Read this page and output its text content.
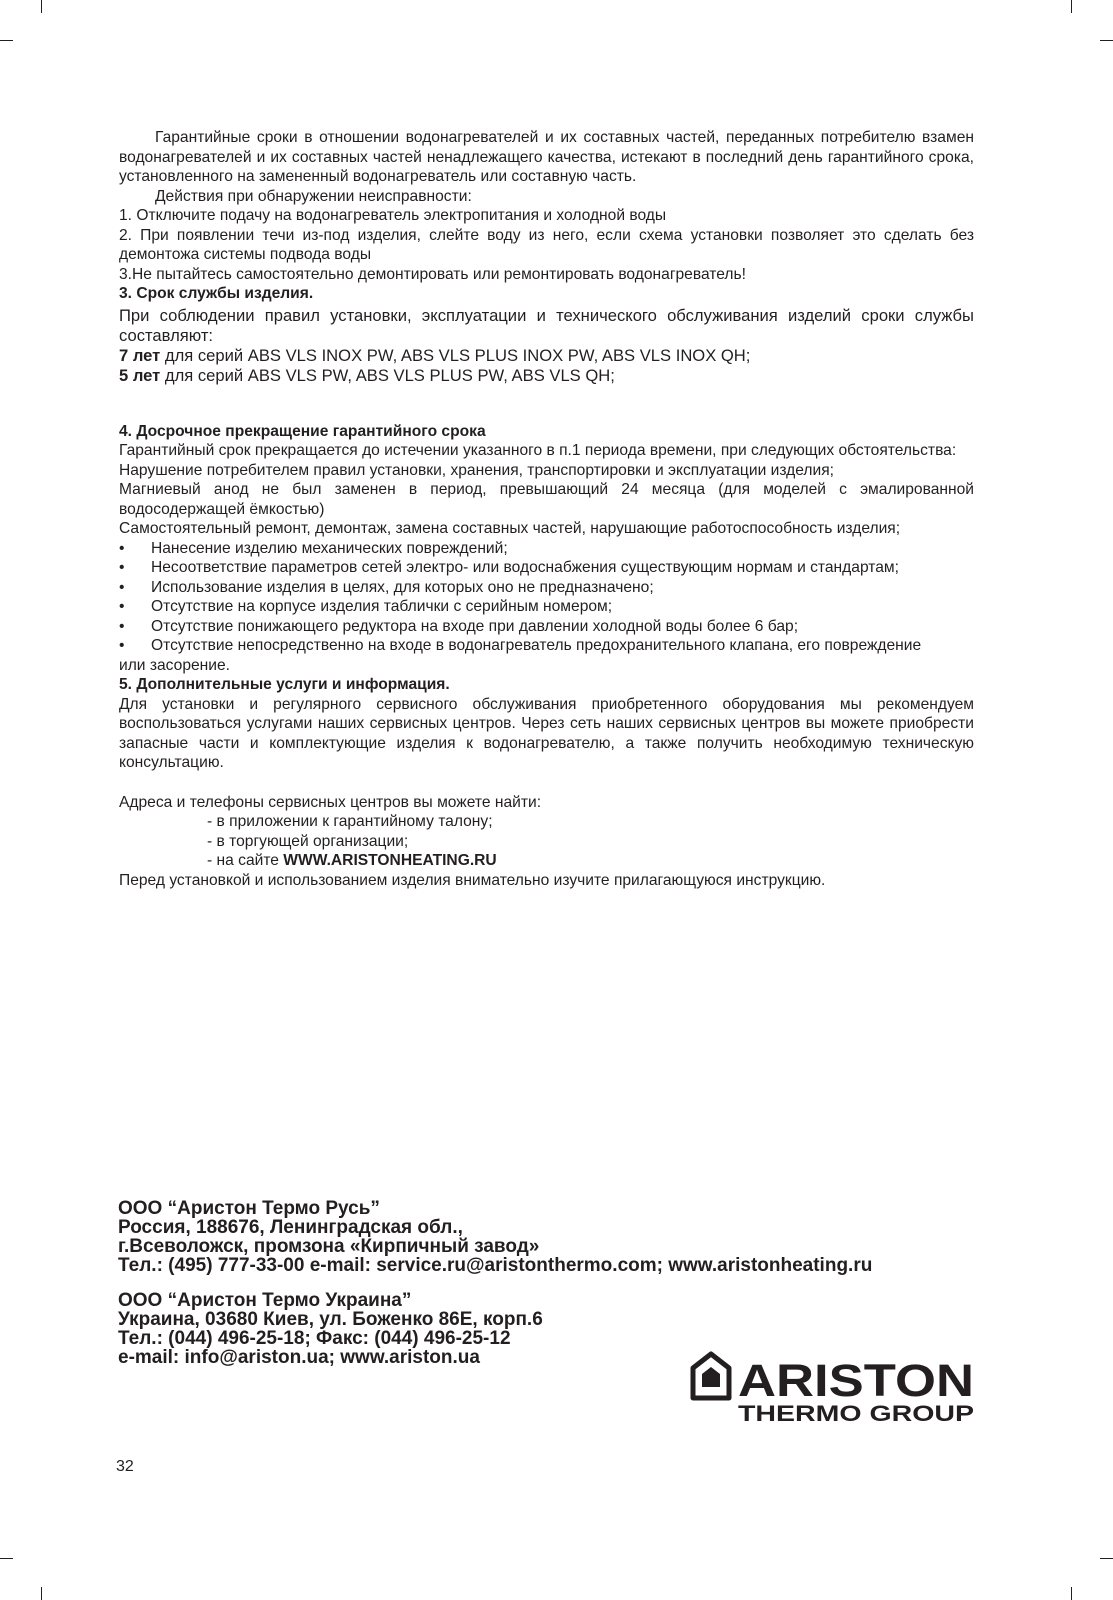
Гарантийные сроки в отношении водонагревателей и их составных частей, переданных потребителю взамен водонагревателей и их составных частей ненадлежащего качества, истекают в последний день гарантийного срока, установленного на замененный водонагреватель или составную часть.

Действия при обнаружении неисправности:

1. Отключите подачу на водонагреватель электропитания и холодной воды

2. При появлении течи из-под изделия, слейте воду из него, если схема установки позволяет это сделать без демонтожа системы подвода воды

3.Не пытайтесь самостоятельно демонтировать или ремонтировать водонагреватель!

3. Срок службы изделия.

При соблюдении правил установки, эксплуатации и технического обслуживания изделий сроки службы составляют:

7 лет для серий ABS VLS INOX PW, ABS VLS PLUS INOX PW, ABS VLS INOX QH;

5 лет для серий ABS VLS PW, ABS VLS PLUS PW, ABS VLS QH;

4. Досрочное прекращение гарантийного срока

Гарантийный срок прекращается до истечении указанного в п.1 периода времени, при следующих обстоятельства:

Нарушение потребителем правил установки, хранения, транспортировки и эксплуатации изделия;

Магниевый анод не был заменен в период, превышающий 24 месяца (для моделей с эмалированной водосодержащей ёмкостью)

Самостоятельный ремонт, демонтаж, замена составных частей, нарушающие работоспособность изделия;

• Нанесение изделию механических повреждений;

• Несоответствие параметров сетей электро- или водоснабжения существующим нормам и стандартам;

• Использование изделия в целях, для которых оно не предназначено;

• Отсутствие на корпусе изделия таблички с серийным номером;

• Отсутствие понижающего редуктора на входе при давлении холодной воды более 6 бар;

• Отсутствие непосредственно на входе в водонагреватель предохранительного клапана, его повреждение или засорение.

5. Дополнительные услуги и информация.

Для установки и регулярного сервисного обслуживания приобретенного оборудования мы рекомендуем воспользоваться услугами наших сервисных центров. Через сеть наших сервисных центров вы можете приобрести запасные части и комплектующие изделия к водонагревателю, а также получить необходимую техническую консультацию.

Адреса и телефоны сервисных центров вы можете найти:

- в приложении к гарантийному талону;

- в торгующей организации;

- на сайте WWW.ARISTONHEATING.RU

Перед установкой и использованием изделия внимательно изучите прилагающуюся инструкцию.

ООО “Аристон Термо Русь”
Россия, 188676, Ленинградская обл.,
г.Всеволожск, промзона «Кирпичный завод»
Тел.: (495) 777-33-00 e-mail: service.ru@aristonthermo.com; www.aristonheating.ru
ООО “Аристон Термо Украина”
Украина, 03680 Киев, ул. Боженко 86Е, корп.6
Тел.: (044) 496-25-18; Факс: (044) 496-25-12
e-mail: info@ariston.ua; www.ariston.ua	ARISTON
THERMO GROUP
32
